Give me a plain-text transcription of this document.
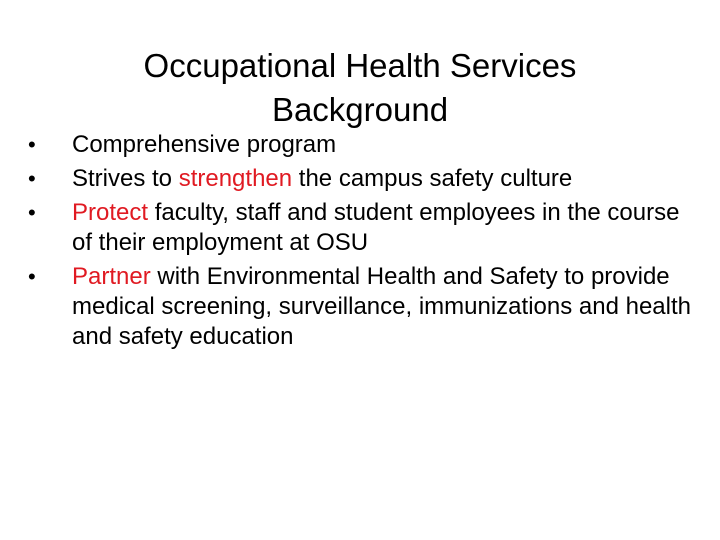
Occupational Health Services
Background
•	Comprehensive program
•	Strives to strengthen the campus safety culture
•	Protect faculty, staff and student employees in the course of their employment at OSU
•	Partner with Environmental Health and Safety to provide medical screening, surveillance, immunizations and health and safety education
